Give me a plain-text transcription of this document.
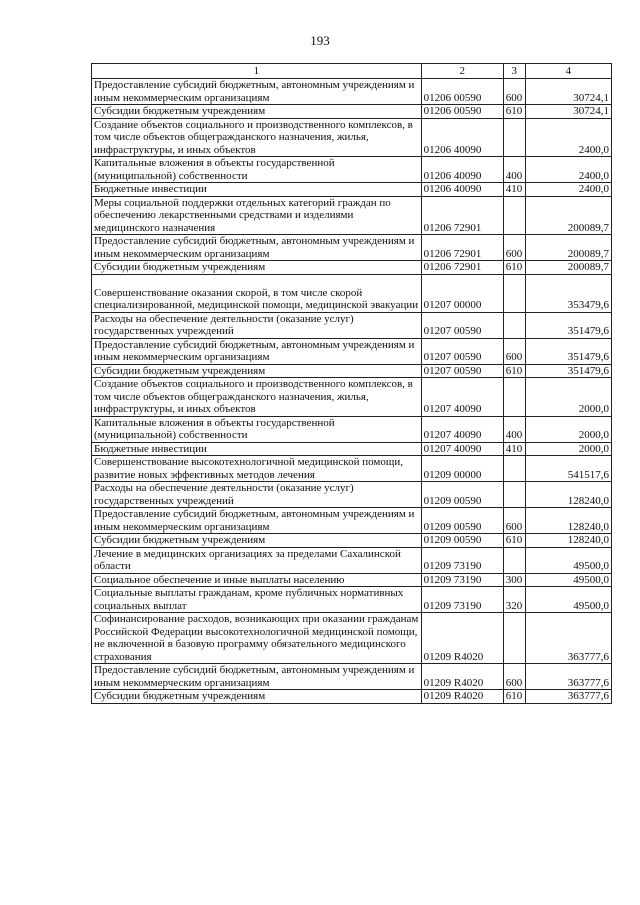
193
1	2	3	4
Предоставление субсидий бюджетным, автономным учреждениям и иным некоммерческим организациям	01206 00590	600	30724,1
Субсидии бюджетным учреждениям	01206 00590	610	30724,1
Создание объектов социального и производственного комплексов, в том числе объектов общегражданского назначения, жилья, инфраструктуры, и иных объектов	01206 40090		2400,0
Капитальные вложения в объекты государственной (муниципальной) собственности	01206 40090	400	2400,0
Бюджетные инвестиции	01206 40090	410	2400,0
Меры социальной поддержки отдельных категорий граждан по обеспечению лекарственными средствами и изделиями медицинского назначения	01206 72901		200089,7
Предоставление субсидий бюджетным, автономным учреждениям и иным некоммерческим организациям	01206 72901	600	200089,7
Субсидии бюджетным учреждениям	01206 72901	610	200089,7
Совершенствование оказания скорой, в том числе скорой специализированной, медицинской помощи, медицинской эвакуации	01207 00000		353479,6
Расходы на обеспечение деятельности (оказание услуг) государственных учреждений	01207 00590		351479,6
Предоставление субсидий бюджетным, автономным учреждениям и иным некоммерческим организациям	01207 00590	600	351479,6
Субсидии бюджетным учреждениям	01207 00590	610	351479,6
Создание объектов социального и производственного комплексов, в том числе объектов общегражданского назначения, жилья, инфраструктуры, и иных объектов	01207 40090		2000,0
Капитальные вложения в объекты государственной (муниципальной) собственности	01207 40090	400	2000,0
Бюджетные инвестиции	01207 40090	410	2000,0
Совершенствование высокотехнологичной медицинской помощи, развитие новых эффективных методов лечения	01209 00000		541517,6
Расходы на обеспечение деятельности (оказание услуг) государственных учреждений	01209 00590		128240,0
Предоставление субсидий бюджетным, автономным учреждениям и иным некоммерческим организациям	01209 00590	600	128240,0
Субсидии бюджетным учреждениям	01209 00590	610	128240,0
Лечение в медицинских организациях за пределами Сахалинской области	01209 73190		49500,0
Социальное обеспечение и иные выплаты населению	01209 73190	300	49500,0
Социальные выплаты гражданам, кроме публичных нормативных социальных выплат	01209 73190	320	49500,0
Софинансирование расходов, возникающих при оказании гражданам Российской Федерации высокотехнологичной медицинской помощи, не включенной в базовую программу обязательного медицинского страхования	01209 R4020		363777,6
Предоставление субсидий бюджетным, автономным учреждениям и иным некоммерческим организациям	01209 R4020	600	363777,6
Субсидии бюджетным учреждениям	01209 R4020	610	363777,6
